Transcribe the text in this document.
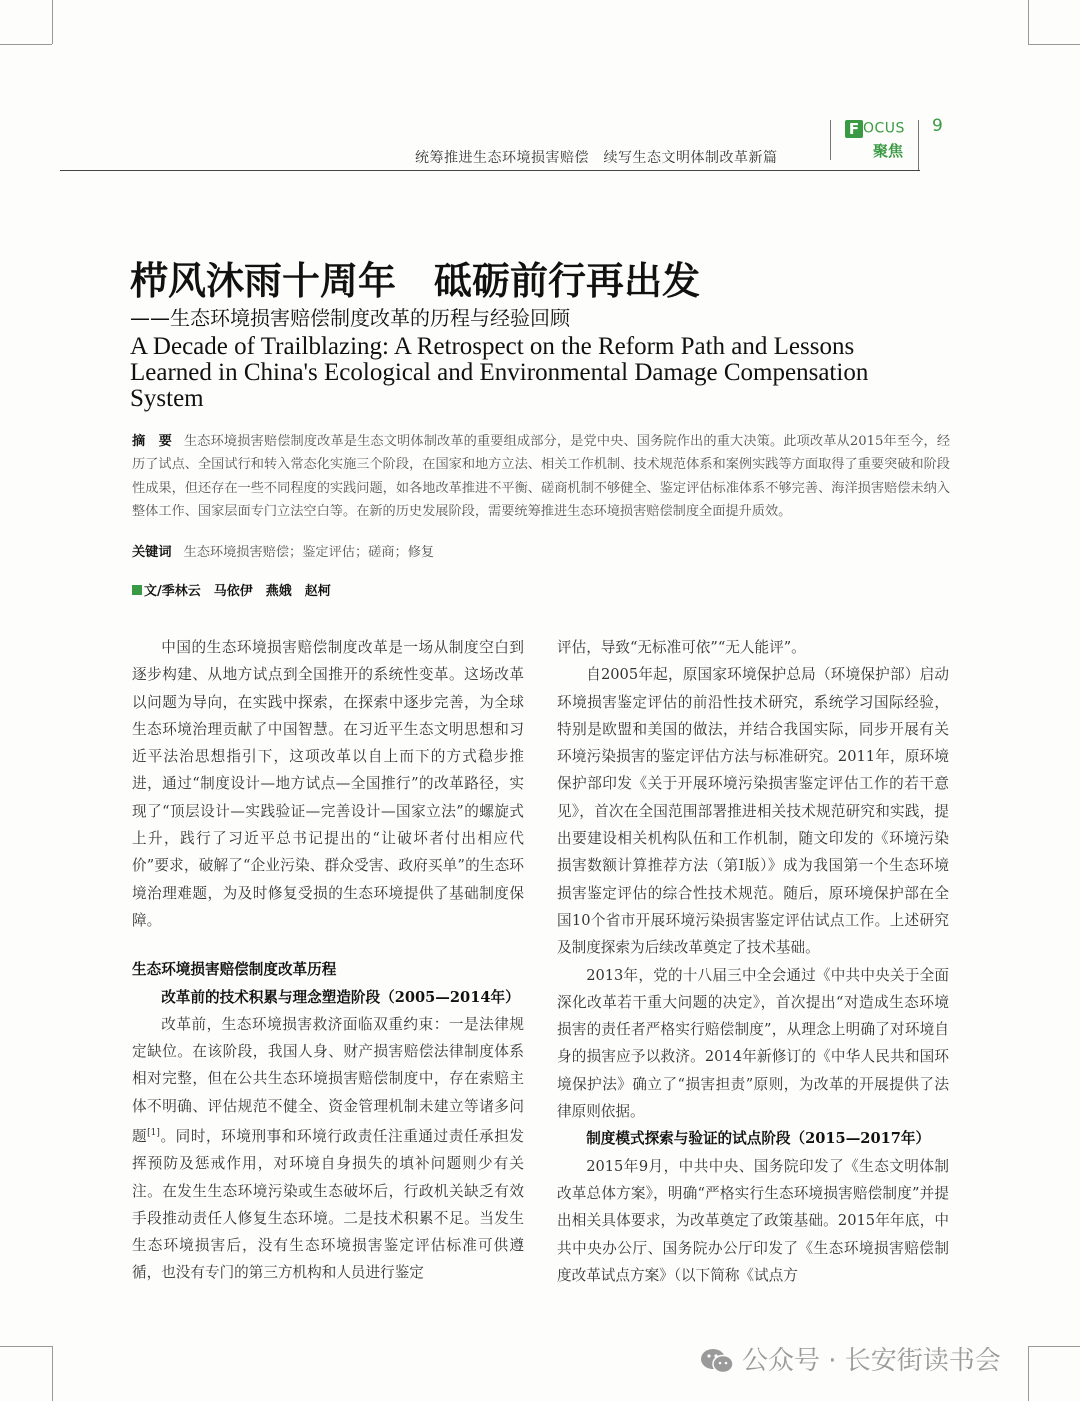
统筹推进生态环境损害赔偿　续写生态文明体制改革新篇
F OCUS
聚焦
9
栉风沐雨十周年　砥砺前行再出发
——生态环境损害赔偿制度改革的历程与经验回顾
A Decade of Trailblazing: A Retrospect on the Reform Path and Lessons Learned in China's Ecological and Environmental Damage Compensation System
摘　要 生态环境损害赔偿制度改革是生态文明体制改革的重要组成部分，是党中央、国务院作出的重大决策。此项改革从2015年至今，经历了试点、全国试行和转入常态化实施三个阶段，在国家和地方立法、相关工作机制、技术规范体系和案例实践等方面取得了重要突破和阶段性成果，但还存在一些不同程度的实践问题，如各地改革推进不平衡、磋商机制不够健全、鉴定评估标准体系不够完善、海洋损害赔偿未纳入整体工作、国家层面专门立法空白等。在新的历史发展阶段，需要统筹推进生态环境损害赔偿制度全面提升质效。
关键词 生态环境损害赔偿；鉴定评估；磋商；修复
文/季林云　马依伊　燕娥　赵柯

中国的生态环境损害赔偿制度改革是一场从制度空白到逐步构建、从地方试点到全国推开的系统性变革。这场改革以问题为导向，在实践中探索，在探索中逐步完善，为全球生态环境治理贡献了中国智慧。在习近平生态文明思想和习近平法治思想指引下，这项改革以自上而下的方式稳步推进，通过“制度设计—地方试点—全国推行”的改革路径，实现了“顶层设计—实践验证—完善设计—国家立法”的螺旋式上升，践行了习近平总书记提出的“让破坏者付出相应代价”要求，破解了“企业污染、群众受害、政府买单”的生态环境治理难题，为及时修复受损的生态环境提供了基础制度保障。

生态环境损害赔偿制度改革历程
改革前的技术积累与理念塑造阶段（2005—2014年）

改革前，生态环境损害救济面临双重约束：一是法律规定缺位。在该阶段，我国人身、财产损害赔偿法律制度体系相对完整，但在公共生态环境损害赔偿制度中，存在索赔主体不明确、评估规范不健全、资金管理机制未建立等诸多问题[1]。同时，环境刑事和环境行政责任注重通过责任承担发挥预防及惩戒作用，对环境自身损失的填补问题则少有关注。在发生生态环境污染或生态破坏后，行政机关缺乏有效手段推动责任人修复生态环境。二是技术积累不足。当发生生态环境损害后，没有生态环境损害鉴定评估标准可供遵循，也没有专门的第三方机构和人员进行鉴定

评估，导致“无标准可依”“无人能评”。

自2005年起，原国家环境保护总局（环境保护部）启动环境损害鉴定评估的前沿性技术研究，系统学习国际经验，特别是欧盟和美国的做法，并结合我国实际，同步开展有关环境污染损害的鉴定评估方法与标准研究。2011年，原环境保护部印发《关于开展环境污染损害鉴定评估工作的若干意见》，首次在全国范围部署推进相关技术规范研究和实践，提出要建设相关机构队伍和工作机制，随文印发的《环境污染损害数额计算推荐方法（第Ⅰ版）》成为我国第一个生态环境损害鉴定评估的综合性技术规范。随后，原环境保护部在全国10个省市开展环境污染损害鉴定评估试点工作。上述研究及制度探索为后续改革奠定了技术基础。

2013年，党的十八届三中全会通过《中共中央关于全面深化改革若干重大问题的决定》，首次提出“对造成生态环境损害的责任者严格实行赔偿制度”，从理念上明确了对环境自身的损害应予以救济。2014年新修订的《中华人民共和国环境保护法》确立了“损害担责”原则，为改革的开展提供了法律原则依据。

制度模式探索与验证的试点阶段（2015—2017年）

2015年9月，中共中央、国务院印发了《生态文明体制改革总体方案》，明确“严格实行生态环境损害赔偿制度”并提出相关具体要求，为改革奠定了政策基础。2015年年底，中共中央办公厅、国务院办公厅印发了《生态环境损害赔偿制度改革试点方案》（以下简称《试点方

公众号 · 长安街读书会
